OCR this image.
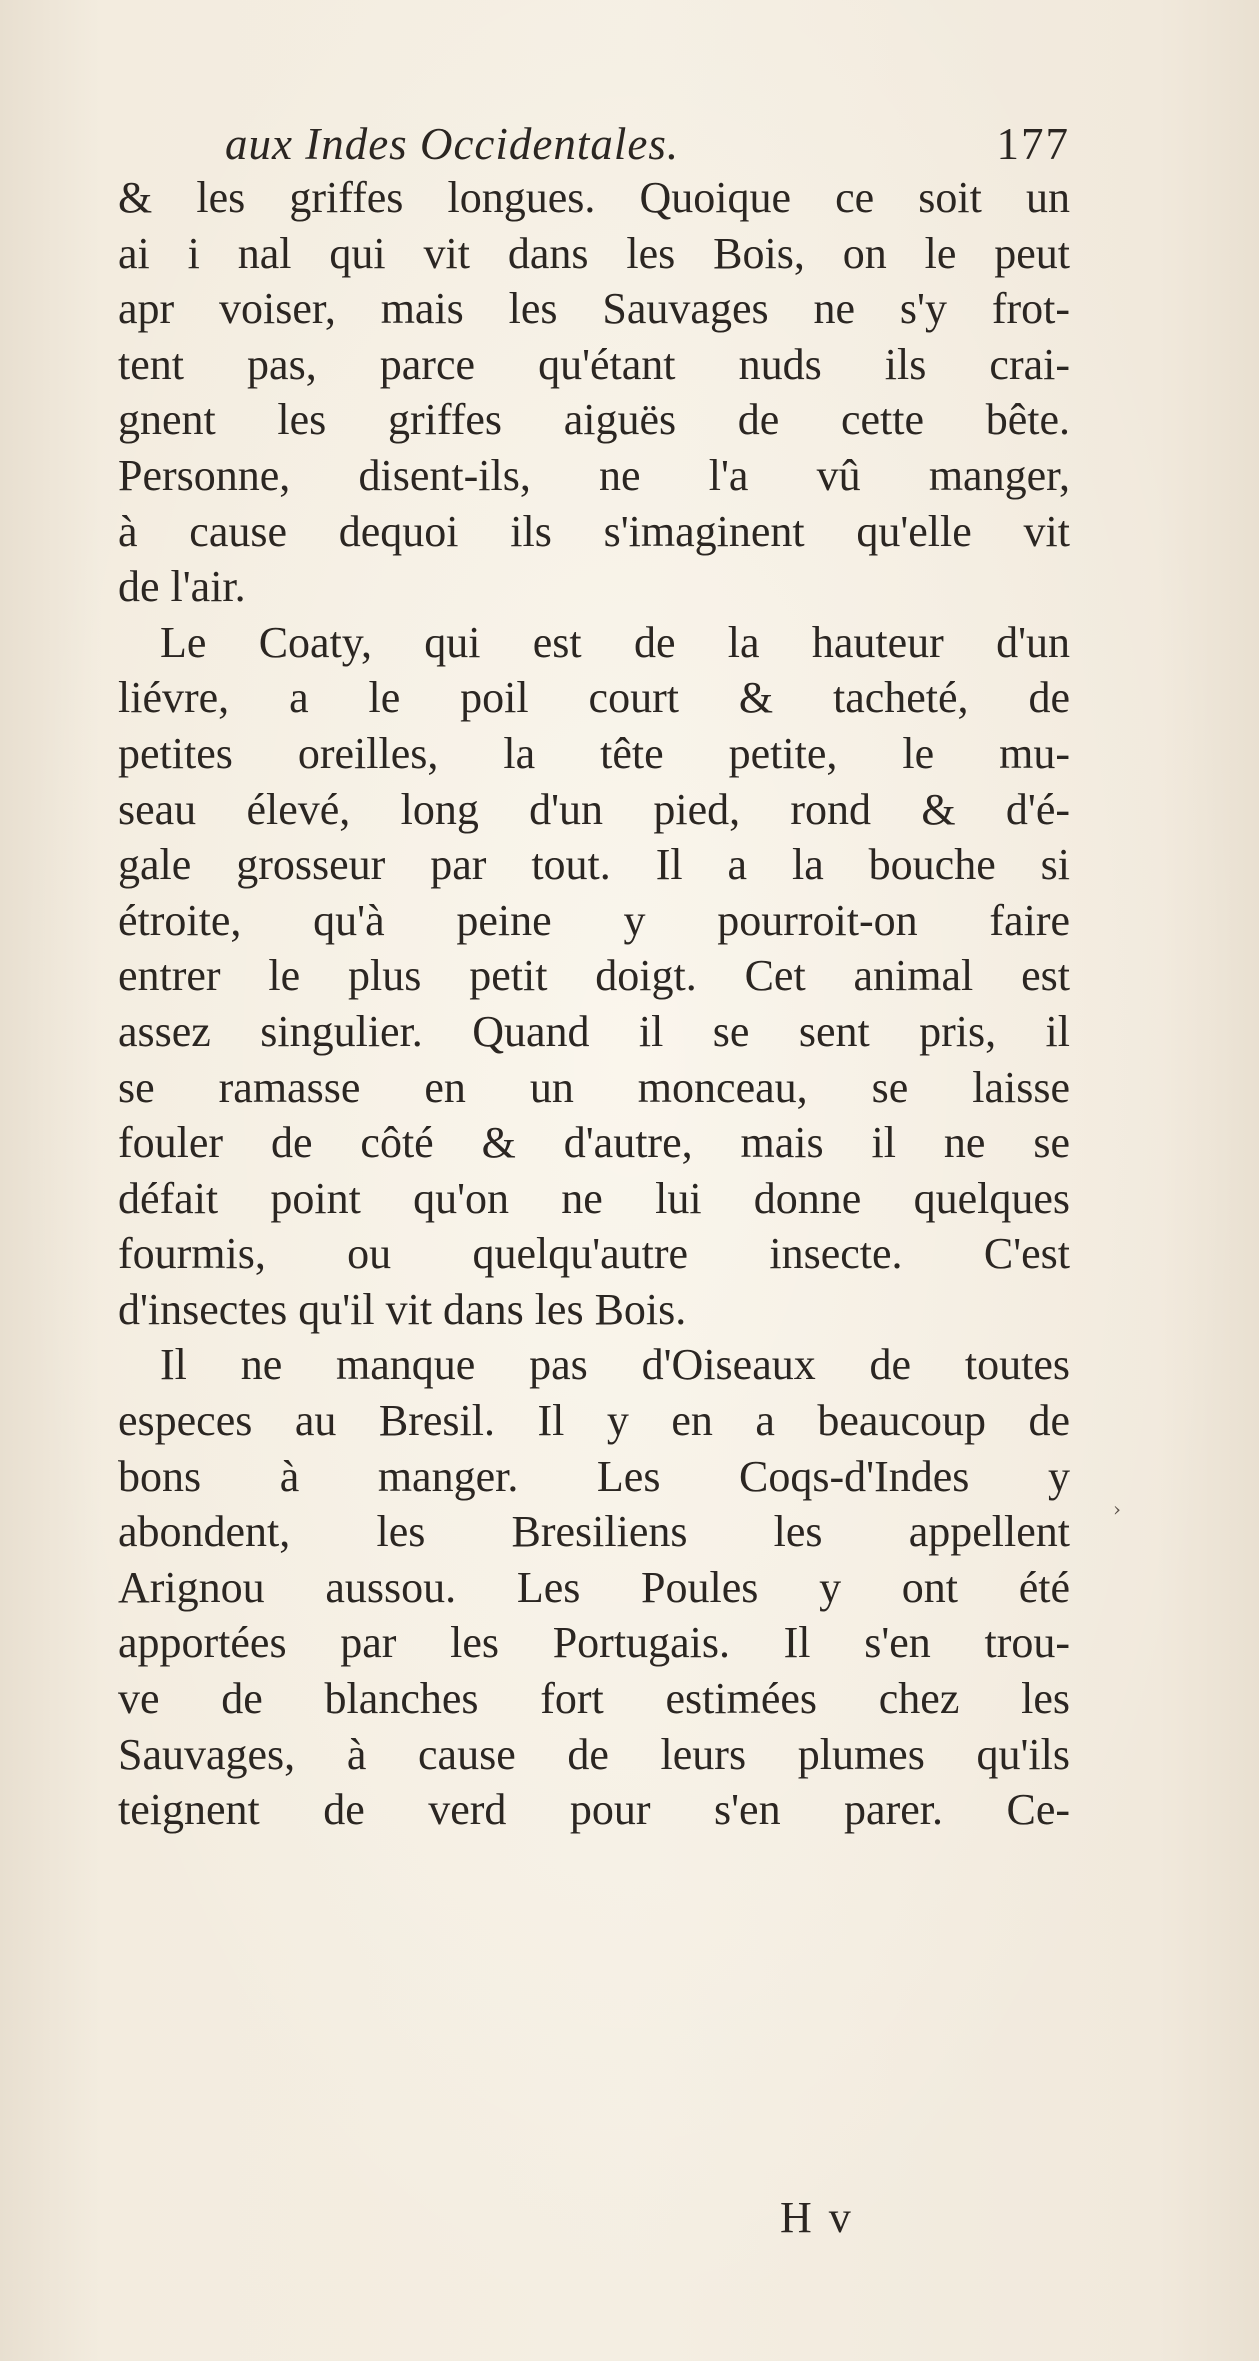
aux Indes Occidentales.	177
& les griffes longues. Quoique ce soit un
ai i nal qui vit dans les Bois, on le peut
apr voiser, mais les Sauvages ne s'y frot-
tent pas, parce qu'étant nuds ils crai-
gnent les griffes aiguës de cette bête.
Personne, disent-ils, ne l'a vû manger,
à cause dequoi ils s'imaginent qu'elle vit
de l'air.
Le Coaty, qui est de la hauteur d'un
liévre, a le poil court & tacheté, de
petites oreilles, la tête petite, le mu-
seau élevé, long d'un pied, rond & d'é-
gale grosseur par tout. Il a la bouche si
étroite, qu'à peine y pourroit-on faire
entrer le plus petit doigt. Cet animal est
assez singulier. Quand il se sent pris, il
se ramasse en un monceau, se laisse
fouler de côté & d'autre, mais il ne se
défait point qu'on ne lui donne quelques
fourmis, ou quelqu'autre insecte. C'est
d'insectes qu'il vit dans les Bois.
Il ne manque pas d'Oiseaux de toutes
especes au Bresil. Il y en a beaucoup de
bons à manger. Les Coqs-d'Indes y
abondent, les Bresiliens les appellent
Arignou aussou. Les Poules y ont été
apportées par les Portugais. Il s'en trou-
ve de blanches fort estimées chez les
Sauvages, à cause de leurs plumes qu'ils
teignent de verd pour s'en parer. Ce-
H v
›
